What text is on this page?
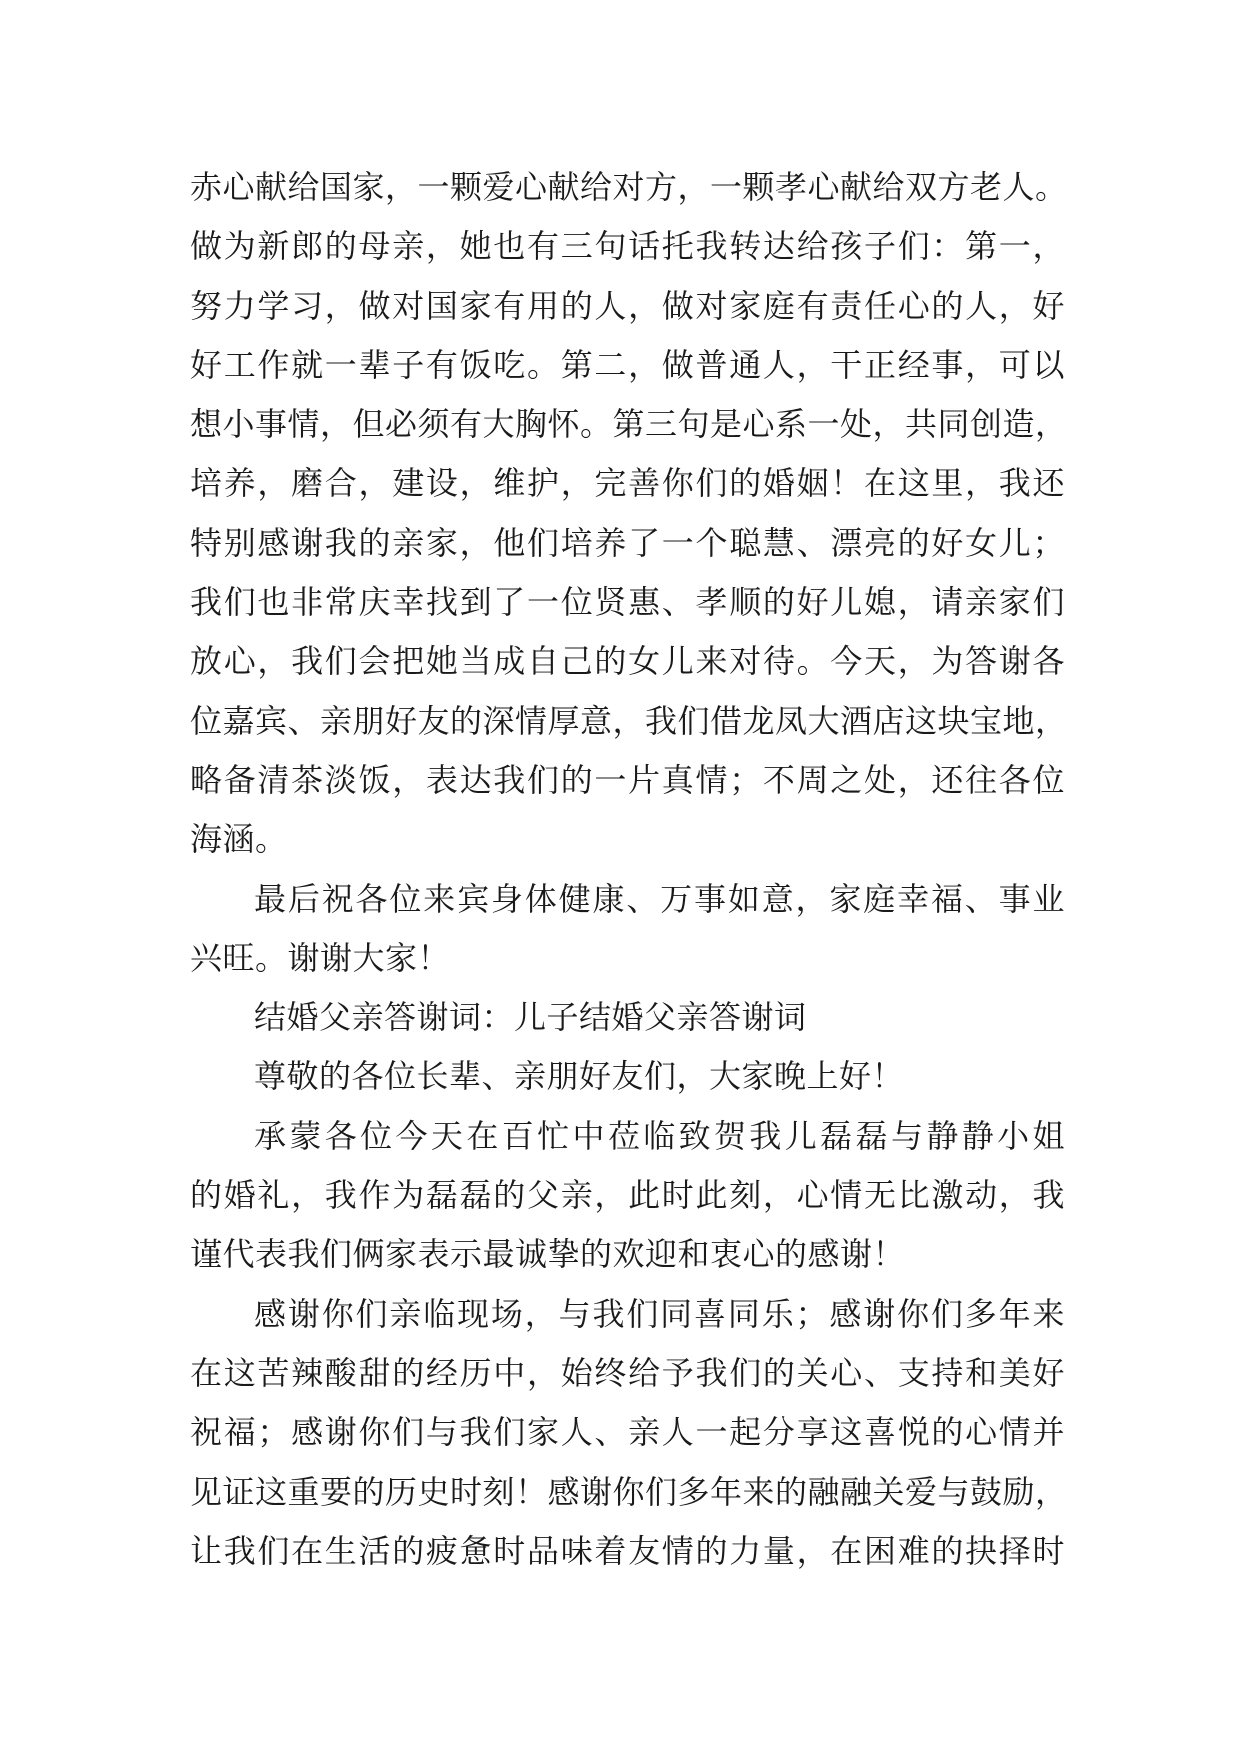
赤心献给国家，一颗爱心献给对方，一颗孝心献给双方老人。
做为新郎的母亲，她也有三句话托我转达给孩子们：第一，
努力学习，做对国家有用的人，做对家庭有责任心的人，好
好工作就一辈子有饭吃。第二，做普通人，干正经事，可以
想小事情，但必须有大胸怀。第三句是心系一处，共同创造，
培养，磨合，建设，维护，完善你们的婚姻！在这里，我还
特别感谢我的亲家，他们培养了一个聪慧、漂亮的好女儿；
我们也非常庆幸找到了一位贤惠、孝顺的好儿媳，请亲家们
放心，我们会把她当成自己的女儿来对待。今天，为答谢各
位嘉宾、亲朋好友的深情厚意，我们借龙凤大酒店这块宝地，
略备清茶淡饭，表达我们的一片真情；不周之处，还往各位
海涵。
最后祝各位来宾身体健康、万事如意，家庭幸福、事业
兴旺。谢谢大家！
结婚父亲答谢词：儿子结婚父亲答谢词
尊敬的各位长辈、亲朋好友们，大家晚上好！
承蒙各位今天在百忙中莅临致贺我儿磊磊与静静小姐
的婚礼，我作为磊磊的父亲，此时此刻，心情无比激动，我
谨代表我们俩家表示最诚挚的欢迎和衷心的感谢！
感谢你们亲临现场，与我们同喜同乐；感谢你们多年来
在这苦辣酸甜的经历中，始终给予我们的关心、支持和美好
祝福；感谢你们与我们家人、亲人一起分享这喜悦的心情并
见证这重要的历史时刻！感谢你们多年来的融融关爱与鼓励，
让我们在生活的疲惫时品味着友情的力量，在困难的抉择时
